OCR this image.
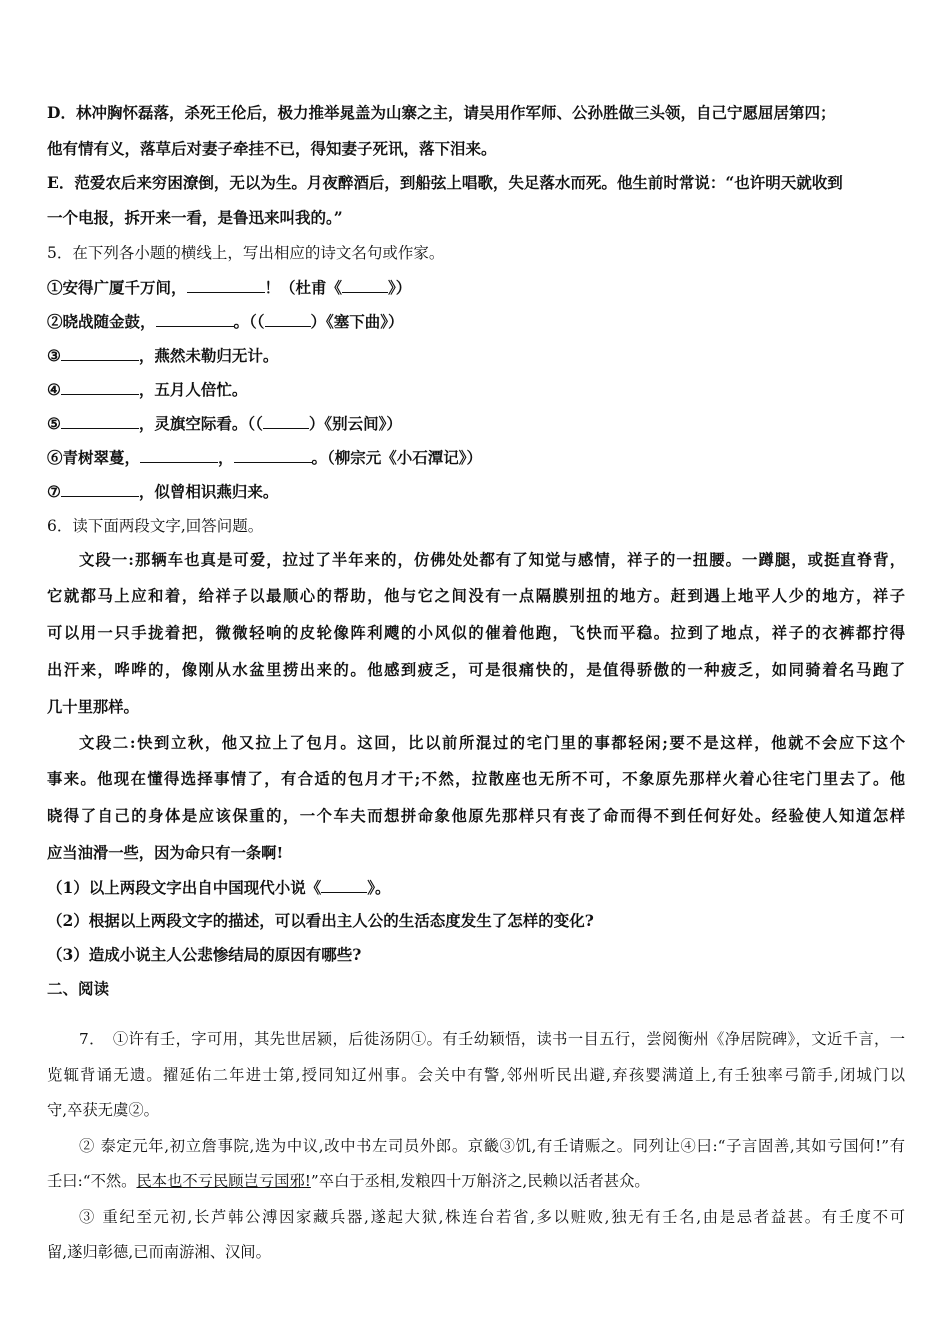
D．林冲胸怀磊落，杀死王伦后，极力推举晁盖为山寨之主，请吴用作军师、公孙胜做三头领，自己宁愿屈居第四；
他有情有义，落草后对妻子牵挂不已，得知妻子死讯，落下泪来。
E．范爱农后来穷困潦倒，无以为生。月夜醉酒后，到船弦上唱歌，失足落水而死。他生前时常说：“也许明天就收到
一个电报，拆开来一看，是鲁迅来叫我的。”
5．在下列各小题的横线上，写出相应的诗文名句或作家。
①安得广厦千万间，	！（杜甫《	》）
②晓战随金鼓，	。（（	）《塞下曲》）
③	，燕然未勒归无计。
④	，五月人倍忙。
⑤	，灵旗空际看。（（	）《别云间》）
⑥青树翠蔓，	，	。（柳宗元《小石潭记》）
⑦	，似曾相识燕归来。
6．读下面两段文字,回答问题。
文段一:那辆车也真是可爱，拉过了半年来的，仿佛处处都有了知觉与感情，祥子的一扭腰。一蹲腿，或挺直脊背，
它就都马上应和着，给祥子以最顺心的帮助，他与它之间没有一点隔膜别扭的地方。赶到遇上地平人少的地方，祥子
可以用一只手拢着把，微微轻响的皮轮像阵利飕的小风似的催着他跑，飞快而平稳。拉到了地点，祥子的衣裤都拧得
出汗来，哗哗的，像刚从水盆里捞出来的。他感到疲乏，可是很痛快的，是值得骄傲的一种疲乏，如同骑着名马跑了
几十里那样。
文段二:快到立秋，他又拉上了包月。这回，比以前所混过的宅门里的事都轻闲;要不是这样，他就不会应下这个
事来。他现在懂得选择事情了，有合适的包月才干;不然，拉散座也无所不可，不象原先那样火着心往宅门里去了。他
晓得了自己的身体是应该保重的，一个车夫而想拼命象他原先那样只有丧了命而得不到任何好处。经验使人知道怎样
应当油滑一些，因为命只有一条啊!
（1）以上两段文字出自中国现代小说《	》。
（2）根据以上两段文字的描述，可以看出主人公的生活态度发生了怎样的变化?
（3）造成小说主人公悲惨结局的原因有哪些?
二、阅读
7．　①许有壬，字可用，其先世居颍，后徙汤阴①。有壬幼颖悟，读书一目五行，尝阅衡州《净居院碑》，文近千言，一
览辄背诵无遗。擢延佑二年进士第,授同知辽州事。会关中有警,邻州听民出避,弃孩婴满道上,有壬独率弓箭手,闭城门以
守,卒获无虞②。
② 泰定元年,初立詹事院,选为中议,改中书左司员外郎。京畿③饥,有壬请赈之。同列让④曰:“子言固善,其如亏国何!”有
壬曰:“不然。民本也不亏民顾岂亏国邪!”卒白于丞相,发粮四十万斛济之,民赖以活者甚众。
③ 重纪至元初,长芦韩公溥因家藏兵器,遂起大狱,株连台若省,多以赃败,独无有壬名,由是忌者益甚。有壬度不可
留,遂归彰德,已而南游湘、汉间。
